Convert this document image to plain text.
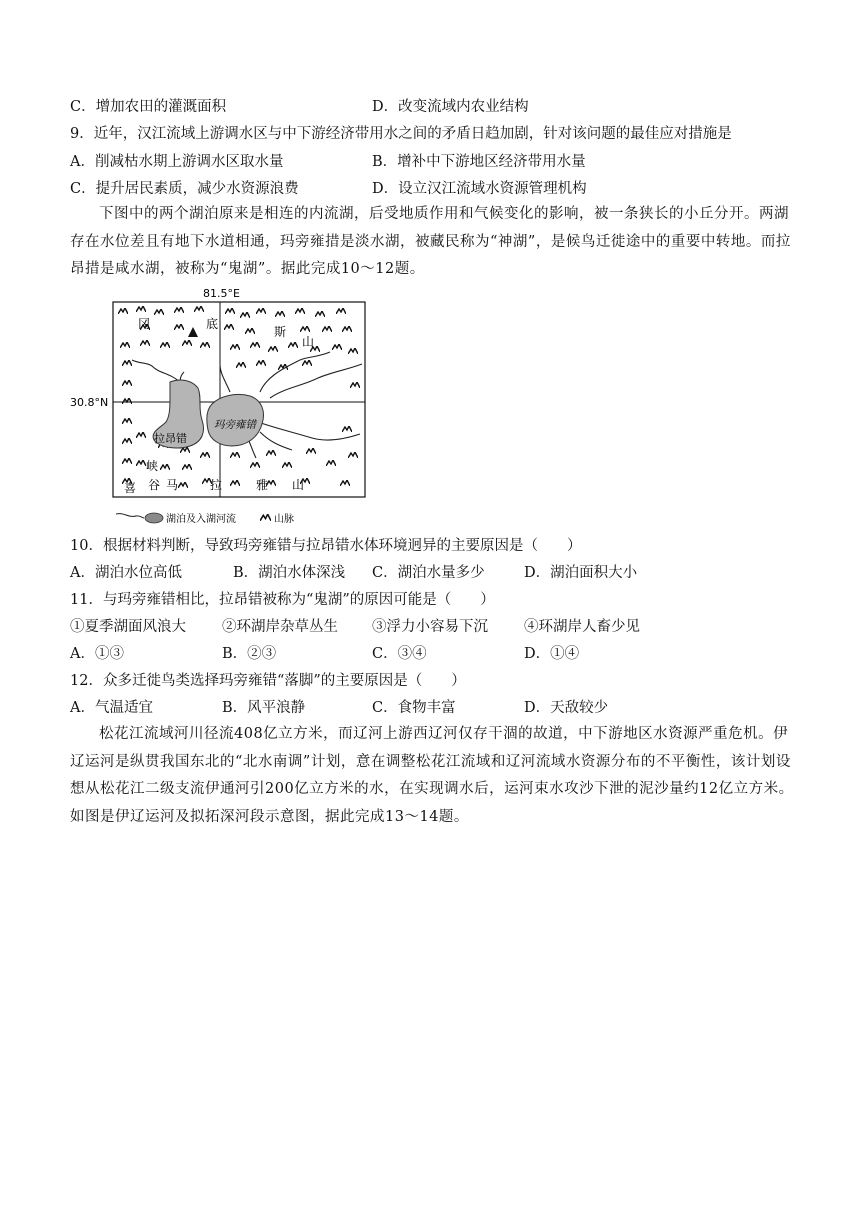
C．增加农田的灌溉面积	D．改变流域内农业结构
9．近年，汉江流域上游调水区与中下游经济带用水之间的矛盾日趋加剧，针对该问题的最佳应对措施是
A．削减枯水期上游调水区取水量	B．增补中下游地区经济带用水量
C．提升居民素质，减少水资源浪费	D．设立汉江流域水资源管理机构
下图中的两个湖泊原来是相连的内流湖，后受地质作用和气候变化的影响，被一条狭长的小丘分开。两湖存在水位差且有地下水道相通，玛旁雍措是淡水湖，被藏民称为“神湖”，是候鸟迁徙途中的重要中转地。而拉昂措是咸水湖，被称为“鬼湖”。据此完成10～12题。
81.5°E
30.8°N
冈	底
斯
山
拉昂错
玛旁雍错
峡
谷
喜 马	拉	雅 山
湖泊及入湖河流	山脉
10．根据材料判断，导致玛旁雍错与拉昂错水体环境迥异的主要原因是（　　）
A．湖泊水位高低	B．湖泊水体深浅 C．湖泊水量多少	D．湖泊面积大小
11．与玛旁雍错相比，拉昂错被称为“鬼湖”的原因可能是（　　）
①夏季湖面风浪大 ②环湖岸杂草丛生 ③浮力小容易下沉 ④环湖岸人畜少见
A．①③	B．②③	C．③④	D．①④
12．众多迁徙鸟类选择玛旁雍错“落脚”的主要原因是（　　）
A．气温适宜	B．风平浪静	C．食物丰富	D．天敌较少
松花江流域河川径流408亿立方米，而辽河上游西辽河仅存干涸的故道，中下游地区水资源严重危机。伊辽运河是纵贯我国东北的“北水南调”计划，意在调整松花江流域和辽河流域水资源分布的不平衡性，该计划设想从松花江二级支流伊通河引200亿立方米的水，在实现调水后，运河束水攻沙下泄的泥沙量约12亿立方米。如图是伊辽运河及拟拓深河段示意图，据此完成13～14题。
